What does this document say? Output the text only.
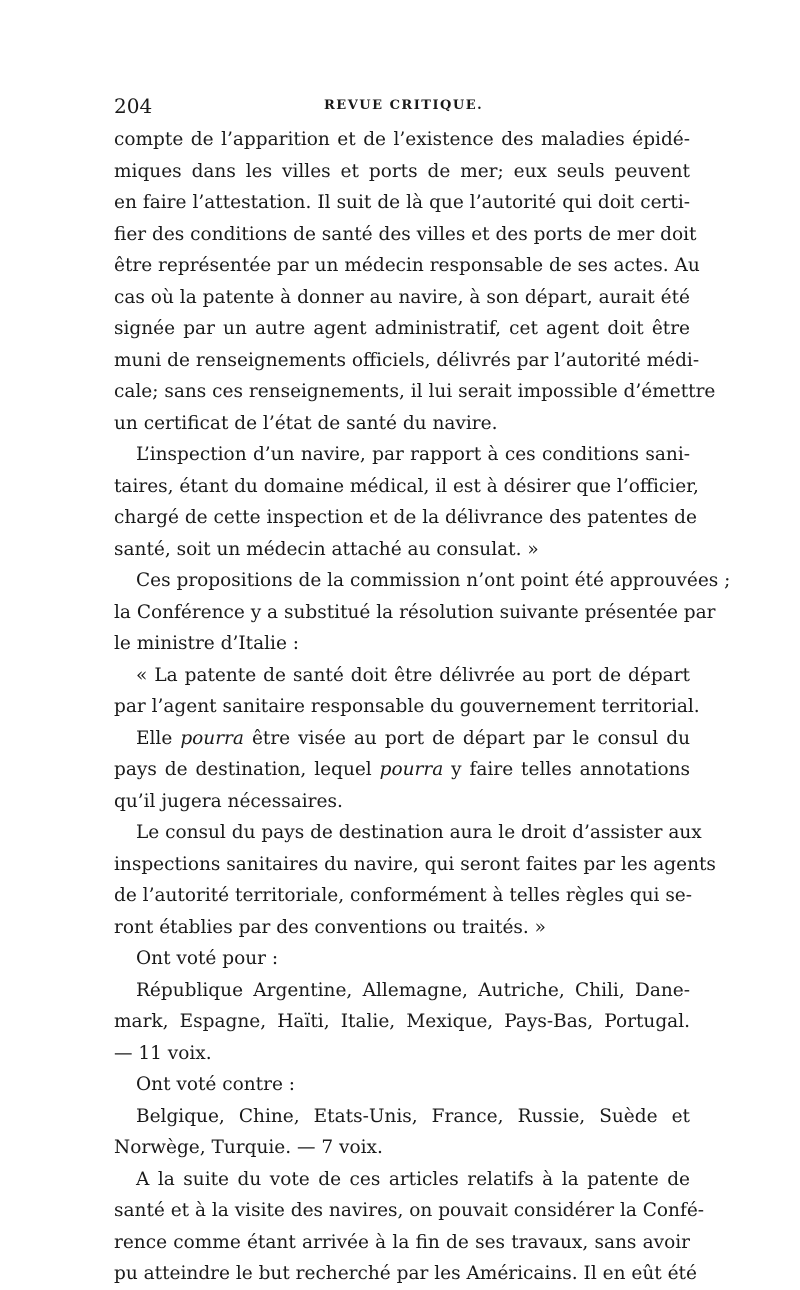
204	REVUE CRITIQUE.
compte de l’apparition et de l’existence des maladies épidé-
miques dans les villes et ports de mer; eux seuls peuvent
en faire l’attestation. Il suit de là que l’autorité qui doit certi-
fier des conditions de santé des villes et des ports de mer doit
être représentée par un médecin responsable de ses actes. Au
cas où la patente à donner au navire, à son départ, aurait été
signée par un autre agent administratif, cet agent doit être
muni de renseignements officiels, délivrés par l’autorité médi-
cale; sans ces renseignements, il lui serait impossible d’émettre
un certificat de l’état de santé du navire.
L’inspection d’un navire, par rapport à ces conditions sani-
taires, étant du domaine médical, il est à désirer que l’officier,
chargé de cette inspection et de la délivrance des patentes de
santé, soit un médecin attaché au consulat. »
Ces propositions de la commission n’ont point été approuvées ;
la Conférence y a substitué la résolution suivante présentée par
le ministre d’Italie :
« La patente de santé doit être délivrée au port de départ
par l’agent sanitaire responsable du gouvernement territorial.
Elle pourra être visée au port de départ par le consul du
pays de destination, lequel pourra y faire telles annotations
qu’il jugera nécessaires.
Le consul du pays de destination aura le droit d’assister aux
inspections sanitaires du navire, qui seront faites par les agents
de l’autorité territoriale, conformément à telles règles qui se-
ront établies par des conventions ou traités. »
Ont voté pour :
République Argentine, Allemagne, Autriche, Chili, Dane-
mark, Espagne, Haïti, Italie, Mexique, Pays-Bas, Portugal.
— 11 voix.
Ont voté contre :
Belgique, Chine, Etats-Unis, France, Russie, Suède et
Norwège, Turquie. — 7 voix.
A la suite du vote de ces articles relatifs à la patente de
santé et à la visite des navires, on pouvait considérer la Confé-
rence comme étant arrivée à la fin de ses travaux, sans avoir
pu atteindre le but recherché par les Américains. Il en eût été
